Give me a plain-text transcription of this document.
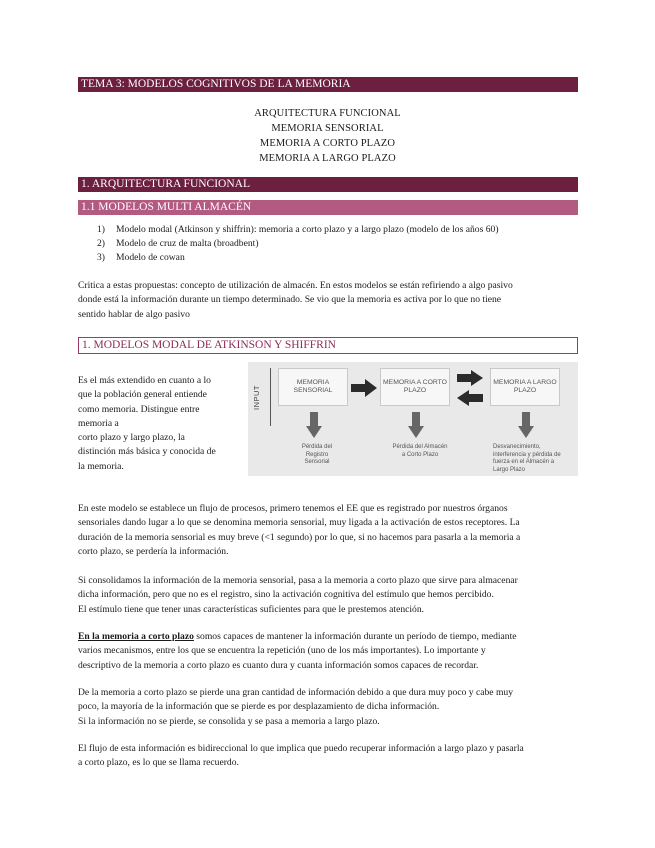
TEMA 3: MODELOS COGNITIVOS DE LA MEMORIA
ARQUITECTURA FUNCIONAL
MEMORIA SENSORIAL
MEMORIA A CORTO PLAZO
MEMORIA A LARGO PLAZO
1. ARQUITECTURA FUNCIONAL
1.1 MODELOS MULTI ALMACÉN
1)	Modelo modal (Atkinson y shiffrin): memoria a corto plazo y a largo plazo (modelo de los años 60)
2)	Modelo de cruz de malta (broadbent)
3)	Modelo de cowan
Critica a estas propuestas: concepto de utilización de almacén. En estos modelos se están refiriendo a algo pasivo
donde está la información durante un tiempo determinado. Se vio que la memoria es activa por lo que no tiene
sentido hablar de algo pasivo
1. MODELOS MODAL DE ATKINSON Y SHIFFRIN
Es el más extendido en cuanto a lo
que la población general entiende
como memoria. Distingue entre
memoria a
corto plazo y largo plazo, la
distinción más básica y conocida de
la memoria.
INPUT
MEMORIA SENSORIAL
MEMORIA A CORTO PLAZO
MEMORIA A LARGO PLAZO
Pérdida del
Registro
Sensorial
Pérdida del Almacén
a Corto Plazo
Desvanecimiento,
interferencia y pérdida de
fuerza en el Almacén a
Largo Plazo
En este modelo se establece un flujo de procesos, primero tenemos el EE que es registrado por nuestros órganos
sensoriales dando lugar a lo que se denomina memoria sensorial, muy ligada a la activación de estos receptores. La
duración de la memoria sensorial es muy breve (<1 segundo) por lo que, si no hacemos para pasarla a la memoria a
corto plazo, se perdería la información.
Si consolidamos la información de la memoria sensorial, pasa a la memoria a corto plazo que sirve para almacenar
dicha información, pero que no es el registro, sino la activación cognitiva del estímulo que hemos percibido.
El estímulo tiene que tener unas características suficientes para que le prestemos atención.
En la memoria a corto plazo somos capaces de mantener la información durante un período de tiempo, mediante
varios mecanismos, entre los que se encuentra la repetición (uno de los más importantes). Lo importante y
descriptivo de la memoria a corto plazo es cuanto dura y cuanta información somos capaces de recordar.
De la memoria a corto plazo se pierde una gran cantidad de información debido a que dura muy poco y cabe muy
poco, la mayoría de la información que se pierde es por desplazamiento de dicha información.
Si la información no se pierde, se consolida y se pasa a memoria a largo plazo.
El flujo de esta información es bidireccional lo que implica que puedo recuperar información a largo plazo y pasarla
a corto plazo, es lo que se llama recuerdo.
